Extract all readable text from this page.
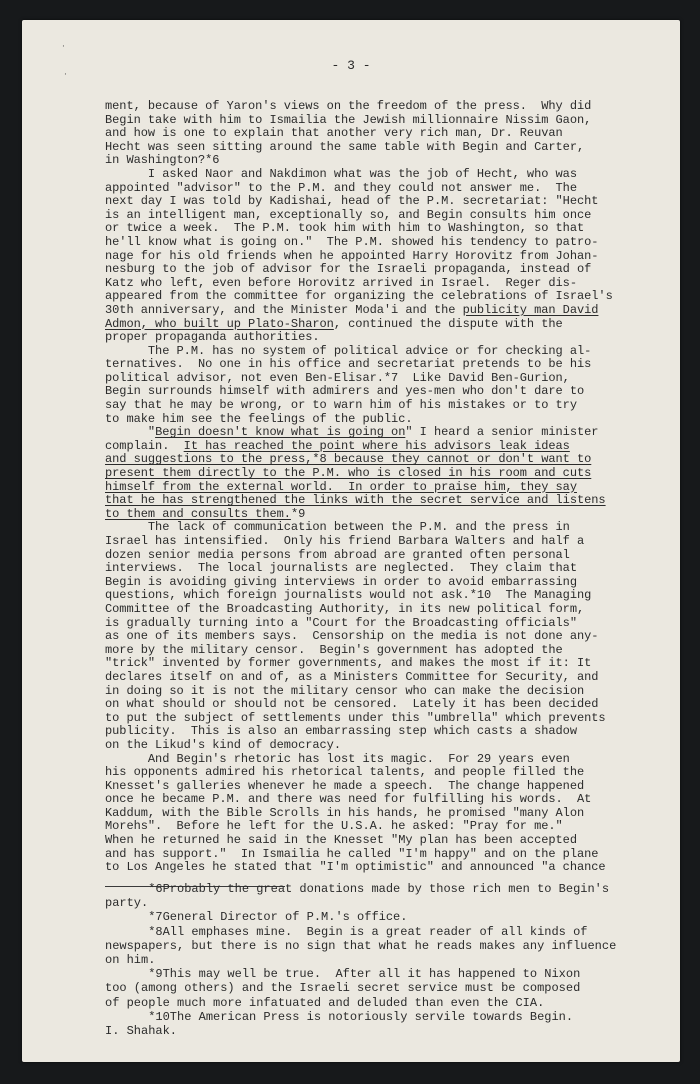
- 3 -
ment, because of Yaron's views on the freedom of the press.  Why did
Begin take with him to Ismailia the Jewish millionnaire Nissim Gaon,
and how is one to explain that another very rich man, Dr. Reuvan
Hecht was seen sitting around the same table with Begin and Carter,
in Washington?*6
I asked Naor and Nakdimon what was the job of Hecht, who was
appointed "advisor" to the P.M. and they could not answer me.  The
next day I was told by Kadishai, head of the P.M. secretariat: "Hecht
is an intelligent man, exceptionally so, and Begin consults him once
or twice a week.  The P.M. took him with him to Washington, so that
he'll know what is going on."  The P.M. showed his tendency to patro-
nage for his old friends when he appointed Harry Horovitz from Johan-
nesburg to the job of advisor for the Israeli propaganda, instead of
Katz who left, even before Horovitz arrived in Israel.  Reger dis-
appeared from the committee for organizing the celebrations of Israel's
30th anniversary, and the Minister Moda'i and the publicity man David
Admon, who built up Plato-Sharon, continued the dispute with the
proper propaganda authorities.
The P.M. has no system of political advice or for checking al-
ternatives.  No one in his office and secretariat pretends to be his
political advisor, not even Ben-Elisar.*7  Like David Ben-Gurion,
Begin surrounds himself with admirers and yes-men who don't dare to
say that he may be wrong, or to warn him of his mistakes or to try
to make him see the feelings of the public.
"Begin doesn't know what is going on" I heard a senior minister
complain.  It has reached the point where his advisors leak ideas
and suggestions to the press,*8 because they cannot or don't want to
present them directly to the P.M. who is closed in his room and cuts
himself from the external world.  In order to praise him, they say
that he has strengthened the links with the secret service and listens
to them and consults them.*9
The lack of communication between the P.M. and the press in
Israel has intensified.  Only his friend Barbara Walters and half a
dozen senior media persons from abroad are granted often personal
interviews.  The local journalists are neglected.  They claim that
Begin is avoiding giving interviews in order to avoid embarrassing
questions, which foreign journalists would not ask.*10  The Managing
Committee of the Broadcasting Authority, in its new political form,
is gradually turning into a "Court for the Broadcasting officials"
as one of its members says.  Censorship on the media is not done any-
more by the military censor.  Begin's government has adopted the
"trick" invented by former governments, and makes the most if it: It
declares itself on and of, as a Ministers Committee for Security, and
in doing so it is not the military censor who can make the decision
on what should or should not be censored.  Lately it has been decided
to put the subject of settlements under this "umbrella" which prevents
publicity.  This is also an embarrassing step which casts a shadow
on the Likud's kind of democracy.
And Begin's rhetoric has lost its magic.  For 29 years even
his opponents admired his rhetorical talents, and people filled the
Knesset's galleries whenever he made a speech.  The change happened
once he became P.M. and there was need for fulfilling his words.  At
Kaddum, with the Bible Scrolls in his hands, he promised "many Alon
Morehs".  Before he left for the U.S.A. he asked: "Pray for me."
When he returned he said in the Knesset "My plan has been accepted
and has support."  In Ismailia he called "I'm happy" and on the plane
to Los Angeles he stated that "I'm optimistic" and announced "a chance
*6Probably the great donations made by those rich men to Begin's
party.
*7General Director of P.M.'s office.
*8All emphases mine.  Begin is a great reader of all kinds of
newspapers, but there is no sign that what he reads makes any influence
on him.
*9This may well be true.  After all it has happened to Nixon
too (among others) and the Israeli secret service must be composed
of people much more infatuated and deluded than even the CIA.
*10The American Press is notoriously servile towards Begin.
I. Shahak.
·
·
